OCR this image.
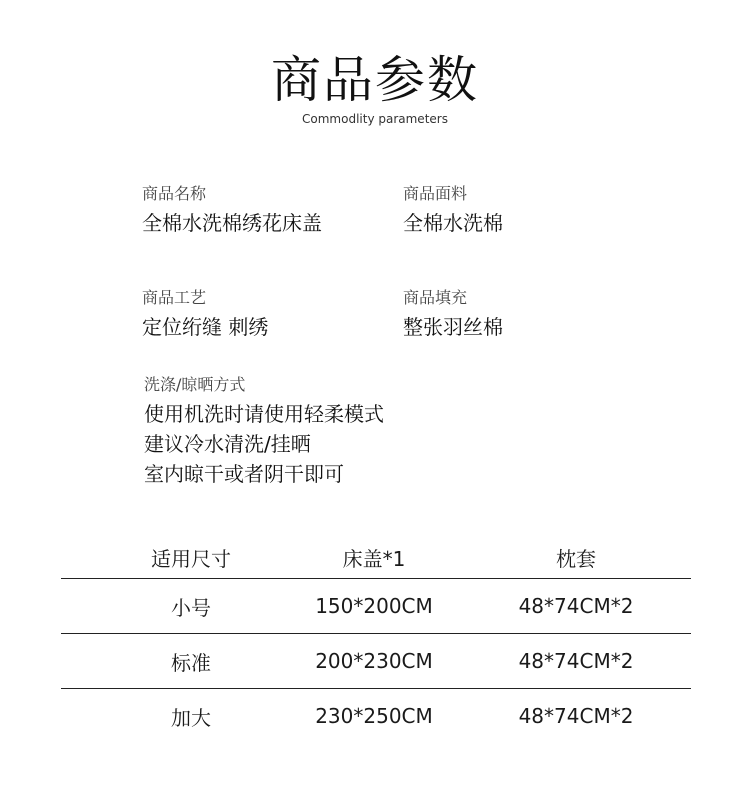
商品参数
Commodlity parameters
商品名称
全棉水洗棉绣花床盖
商品面料
全棉水洗棉
商品工艺
定位绗缝 刺绣
商品填充
整张羽丝棉
洗涤/晾晒方式
使用机洗时请使用轻柔模式
建议冷水清洗/挂晒
室内晾干或者阴干即可
适用尺寸	床盖*1	枕套
小号	150*200CM	48*74CM*2
标准	200*230CM	48*74CM*2
加大	230*250CM	48*74CM*2
